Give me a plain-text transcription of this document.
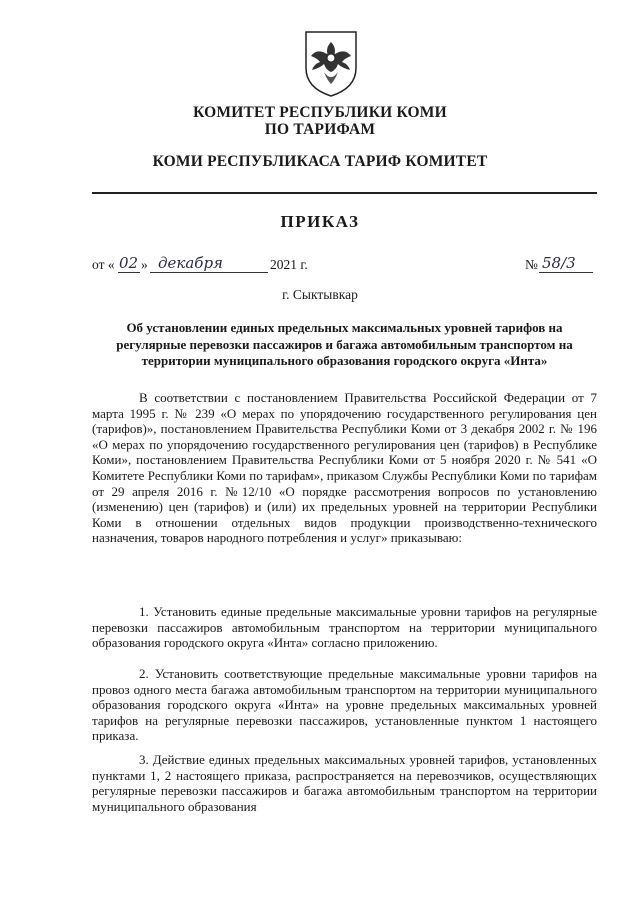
КОМИТЕТ РЕСПУБЛИКИ КОМИ
ПО ТАРИФАМ
КОМИ РЕСПУБЛИКАСА ТАРИФ КОМИТЕТ
ПРИКАЗ
от « 02 » декабря	2021 г.	№ 58/3
г. Сыктывкар
Об установлении единых предельных максимальных уровней тарифов на регулярные перевозки пассажиров и багажа автомобильным транспортом на территории муниципального образования городского округа «Инта»
В соответствии с постановлением Правительства Российской Федерации от 7 марта 1995 г. № 239 «О мерах по упорядочению государственного регулирования цен (тарифов)», постановлением Правительства Республики Коми от 3 декабря 2002 г. № 196 «О мерах по упорядочению государственного регулирования цен (тарифов) в Республике Коми», постановлением Правительства Республики Коми от 5 ноября 2020 г. № 541 «О Комитете Республики Коми по тарифам», приказом Службы Республики Коми по тарифам от 29 апреля 2016 г. №12/10 «О порядке рассмотрения вопросов по установлению (изменению) цен (тарифов) и (или) их предельных уровней на территории Республики Коми в отношении отдельных видов продукции производственно-технического назначения, товаров народного потребления и услуг» приказываю:
1. Установить единые предельные максимальные уровни тарифов на регулярные перевозки пассажиров автомобильным транспортом на территории муниципального образования городского округа «Инта» согласно приложению.
2. Установить соответствующие предельные максимальные уровни тарифов на провоз одного места багажа автомобильным транспортом на территории муниципального образования городского округа «Инта» на уровне предельных максимальных уровней тарифов на регулярные перевозки пассажиров, установленные пунктом 1 настоящего приказа.
3. Действие единых предельных максимальных уровней тарифов, установленных пунктами 1, 2 настоящего приказа, распространяется на перевозчиков, осуществляющих регулярные перевозки пассажиров и багажа автомобильным транспортом на территории муниципального образования
